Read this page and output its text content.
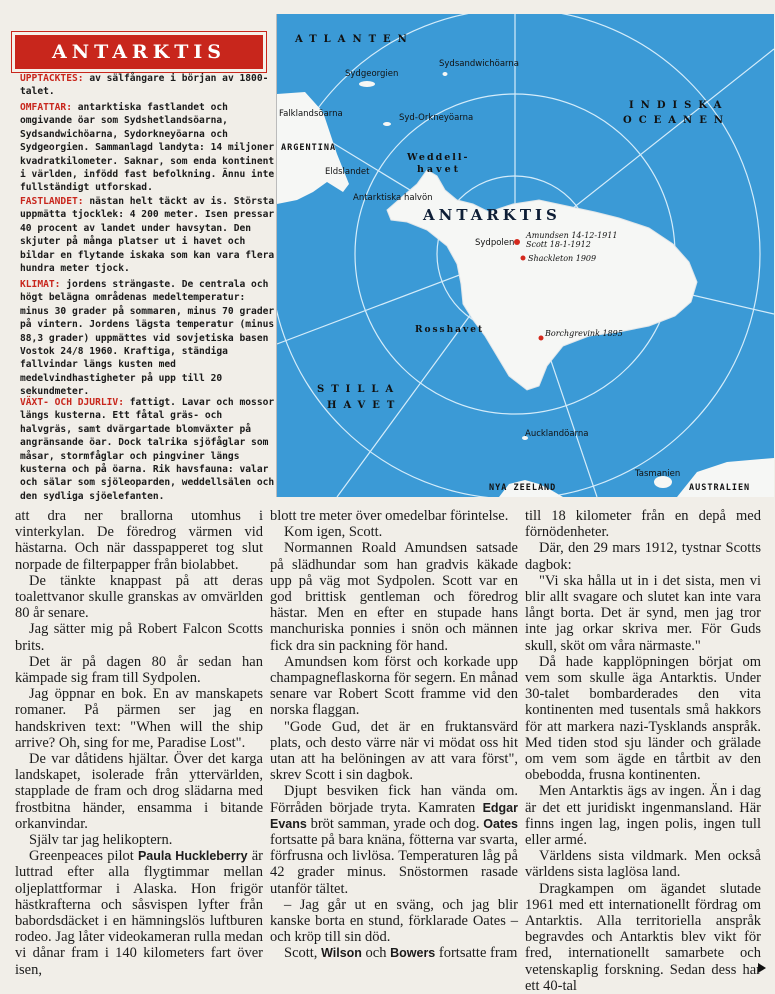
ANTARKTIS
UPPTÄCKTES: av sälfångare i början av 1800-talet.
OMFATTAR: antarktiska fastlandet och omgivande öar som Sydshetlandsöarna, Sydsandwichöarna, Sydorkneyöarna och Sydgeorgien. Sammanlagd landyta: 14 miljoner kvadratkilometer. Saknar, som enda kontinent i världen, infödd fast befolkning. Ännu inte fullständigt utforskad.
FASTLANDET: nästan helt täckt av is. Största uppmätta tjocklek: 4 200 meter. Isen pressar 40 procent av landet under havsytan. Den skjuter på många platser ut i havet och bildar en flytande iskaka som kan vara flera hundra meter tjock.
KLIMAT: jordens strängaste. De centrala och högt belägna områdenas medeltemperatur: minus 30 grader på sommaren, minus 70 grader på vintern. Jordens lägsta temperatur (minus 88,3 grader) uppmättes vid sovjetiska basen Vostok 24/8 1960. Kraftiga, ständiga fallvindar längs kusten med medelvindhastigheter på upp till 20 sekundmeter.
VÄXT- OCH DJURLIV: fattigt. Lavar och mossor längs kusterna. Ett fåtal gräs- och halvgräs, samt dvärgartade blomväxter på angränsande öar. Dock talrika sjöfåglar som måsar, stormfåglar och pingviner längs kusterna och på öarna. Rik havsfauna: valar och sälar som sjöleoparden, weddellsälen och den sydliga sjöelefanten.
ATLANTEN
INDISKA
OCEANEN
STILLA
HAVET
Weddell-
havet
Rosshavet
ANTARKTIS
Sydgeorgien
Sydsandwichöarna
Falklandsöarna	Syd-Orkneyöarna
ARGENTINA
Eldslandet
Antarktiska halvön
Sydpolen
Amundsen 14-12-1911
Scott 18-1-1912
Shackleton 1909
Borchgrevink 1895
Aucklandöarna
Tasmanien
NYA ZEELAND	AUSTRALIEN

att dra ner brallorna utomhus i vinterkylan. De föredrog värmen vid hästarna. Och när dasspapperet tog slut norpade de filterpapper från biolabbet.

De tänkte knappast på att deras toalettvanor skulle granskas av omvärlden 80 år senare.

Jag sätter mig på Robert Falcon Scotts brits.

Det är på dagen 80 år sedan han kämpade sig fram till Sydpolen.

Jag öppnar en bok. En av manskapets romaner. På pärmen ser jag en handskriven text: "When will the ship arrive? Oh, sing for me, Paradise Lost".

De var dåtidens hjältar. Över det karga landskapet, isolerade från yttervärlden, stapplade de fram och drog slädarna med frostbitna händer, ensamma i bitande orkanvindar.

Själv tar jag helikoptern.

Greenpeaces pilot Paula Huckleberry är luttrad efter alla flygtimmar mellan oljeplattformar i Alaska. Hon frigör hästkrafterna och såsvispen lyfter från babordsdäcket i en hämningslös luftburen rodeo. Jag låter videokameran rulla medan vi dånar fram i 140 kilometers fart över isen,

blott tre meter över omedelbar förintelse.

Kom igen, Scott.

Normannen Roald Amundsen satsade på slädhundar som han gradvis käkade upp på väg mot Sydpolen. Scott var en god brittisk gentleman och föredrog hästar. Men en efter en stupade hans manchuriska ponnies i snön och männen fick dra sin packning för hand.

Amundsen kom först och korkade upp champagneflaskorna för segern. En månad senare var Robert Scott framme vid den norska flaggan.

"Gode Gud, det är en fruktansvärd plats, och desto värre när vi mödat oss hit utan att ha belöningen av att vara först", skrev Scott i sin dagbok.

Djupt besviken fick han vända om. Förråden började tryta. Kamraten Edgar Evans bröt samman, yrade och dog. Oates fortsatte på bara knäna, fötterna var svarta, förfrusna och livlösa. Temperaturen låg på 42 grader minus. Snöstormen rasade utanför tältet.

– Jag går ut en sväng, och jag blir kanske borta en stund, förklarade Oates – och kröp till sin död.

Scott, Wilson och Bowers fortsatte fram

till 18 kilometer från en depå med förnödenheter.

Där, den 29 mars 1912, tystnar Scotts dagbok:

"Vi ska hålla ut in i det sista, men vi blir allt svagare och slutet kan inte vara långt borta. Det är synd, men jag tror inte jag orkar skriva mer. För Guds skull, sköt om våra närmaste."

Då hade kapplöpningen börjat om vem som skulle äga Antarktis. Under 30-talet bombarderades den vita kontinenten med tusentals små hakkors för att markera nazi-Tysklands anspråk. Med tiden stod sju länder och grälade om vem som ägde en tårtbit av den obebodda, frusna kontinenten.

Men Antarktis ägs av ingen. Än i dag är det ett juridiskt ingenmansland. Här finns ingen lag, ingen polis, ingen tull eller armé.

Världens sista vildmark. Men också världens sista laglösa land.

Dragkampen om ägandet slutade 1961 med ett internationellt fördrag om Antarktis. Alla territoriella anspråk begravdes och Antarktis blev vikt för fred, internationellt samarbete och vetenskaplig forskning. Sedan dess har ett 40-tal
